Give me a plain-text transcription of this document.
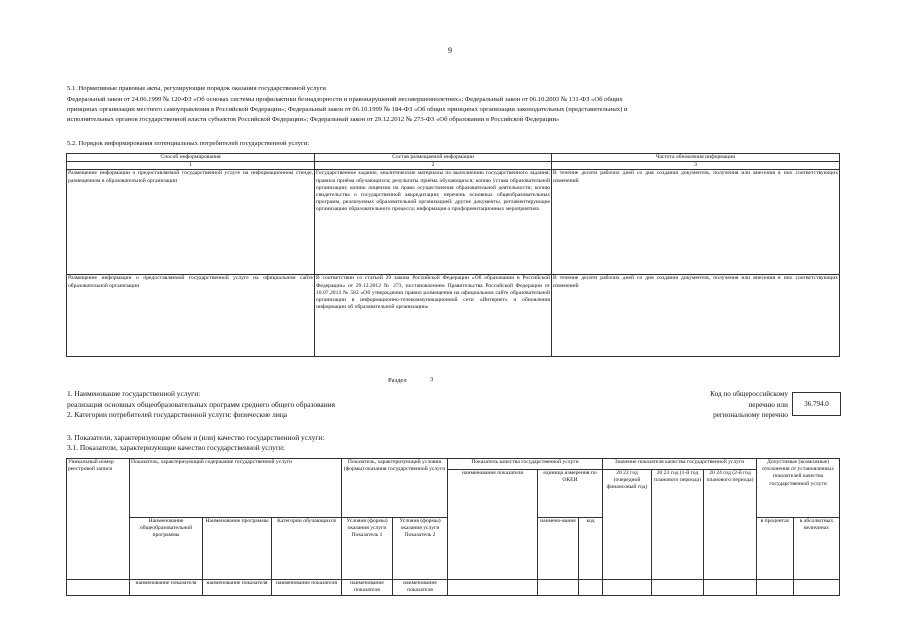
9
5.1. Нормативные правовые акты, регулирующие порядок оказания государственной услуги
Федеральный закон от 24.06.1999 № 120-ФЗ «Об основах системы профилактики безнадзорности и правонарушений несовершеннолетних»; Федеральный закон от 06.10.2003 № 131-ФЗ «Об общих
принципах организации местного самоуправления в Российской Федерации»; Федеральный закон от 06.10.1999 № 184-ФЗ «Об общих принципах организации законодательных (представительных) и
исполнительных органов государственной власти субъектов Российской Федерации»; Федеральный закон от 29.12.2012 № 273-ФЗ «Об образовании в Российской Федерации»
5.2. Порядок информирования потенциальных потребителей государственной услуги:
Способ информирования	Состав размещаемой информации	Частота обновления информации
1	2	3
Размещение информации о предоставляемой государственной услуге на информационном стенде, размещенном в образовательной организации	Государственное задание, аналитические материалы по выполнению государственного задания; правила приёма обучающихся; результаты приёма обучающихся; копию устава образовательной организации; копию лицензии на право осуществления образовательной деятельности; копию свидетельства о государственной аккредитации; перечень основных общеобразовательных программ, реализуемых образовательной организацией; другие документы, регламентирующие организацию образовательного процесса; информация о профориентационных мероприятиях	В течение десяти рабочих дней со дня создания документов, получения или внесения в них соответствующих изменений
Размещение информации о предоставляемой государственной услуге на официальном сайте образовательной организации	В соответствии со статьей 29 закона Российской Федерации «Об образовании в Российской Федерации» от 29.12.2012 № 273, постановлением Правительства Российской Федерации от 10.07.2013 № 582 «Об утверждении правил размещения на официальном сайте образовательной организации в информационно-телекоммуникационной сети «Интернет» и обновления информации об образовательной организации»	В течение десяти рабочих дней со дня создания документов, получения или внесения в них соответствующих изменений
Раздел	3
1. Наименование государственной услуги:
реализация основных общеобразовательных программ среднего общего образования
2. Категории потребителей государственной услуги: физические лица
Код по общероссийскому
перечню или
региональному перечню
36.794.0
3. Показатели, характеризующие объем и (или) качество государственной услуги:
3.1. Показатели, характеризующие качество государственной услуги:
Уникальный номер реестровой записи	Показатель, характеризующий содержание государственной услуги			Показатель, характеризующий условия (формы) оказания государственной услуги		Показатель качества государственной услуги			Значение показателя качества государственной услуги			Допустимые (возможные) отклонения от установленных показателей качества государственной услуги	
						наименование показателя	единица измерения по ОКЕИ		20 22 год (очередной финансовый год)	20 23 год (1-й год планового периода)	20 24 год (2-й год планового периода)		
	Наименование общеобразовательной программы	Наименование программы	Категории обучающихся	Условия (формы) оказания услуги Показатель 1	Условия (формы) оказания услуги Показатель 2		наимено-вание	код				в процентах	в абсолютных величинах
	наименование показателя	наименование показателя	наименование показателя	наименование показателя	наименование показателя								
